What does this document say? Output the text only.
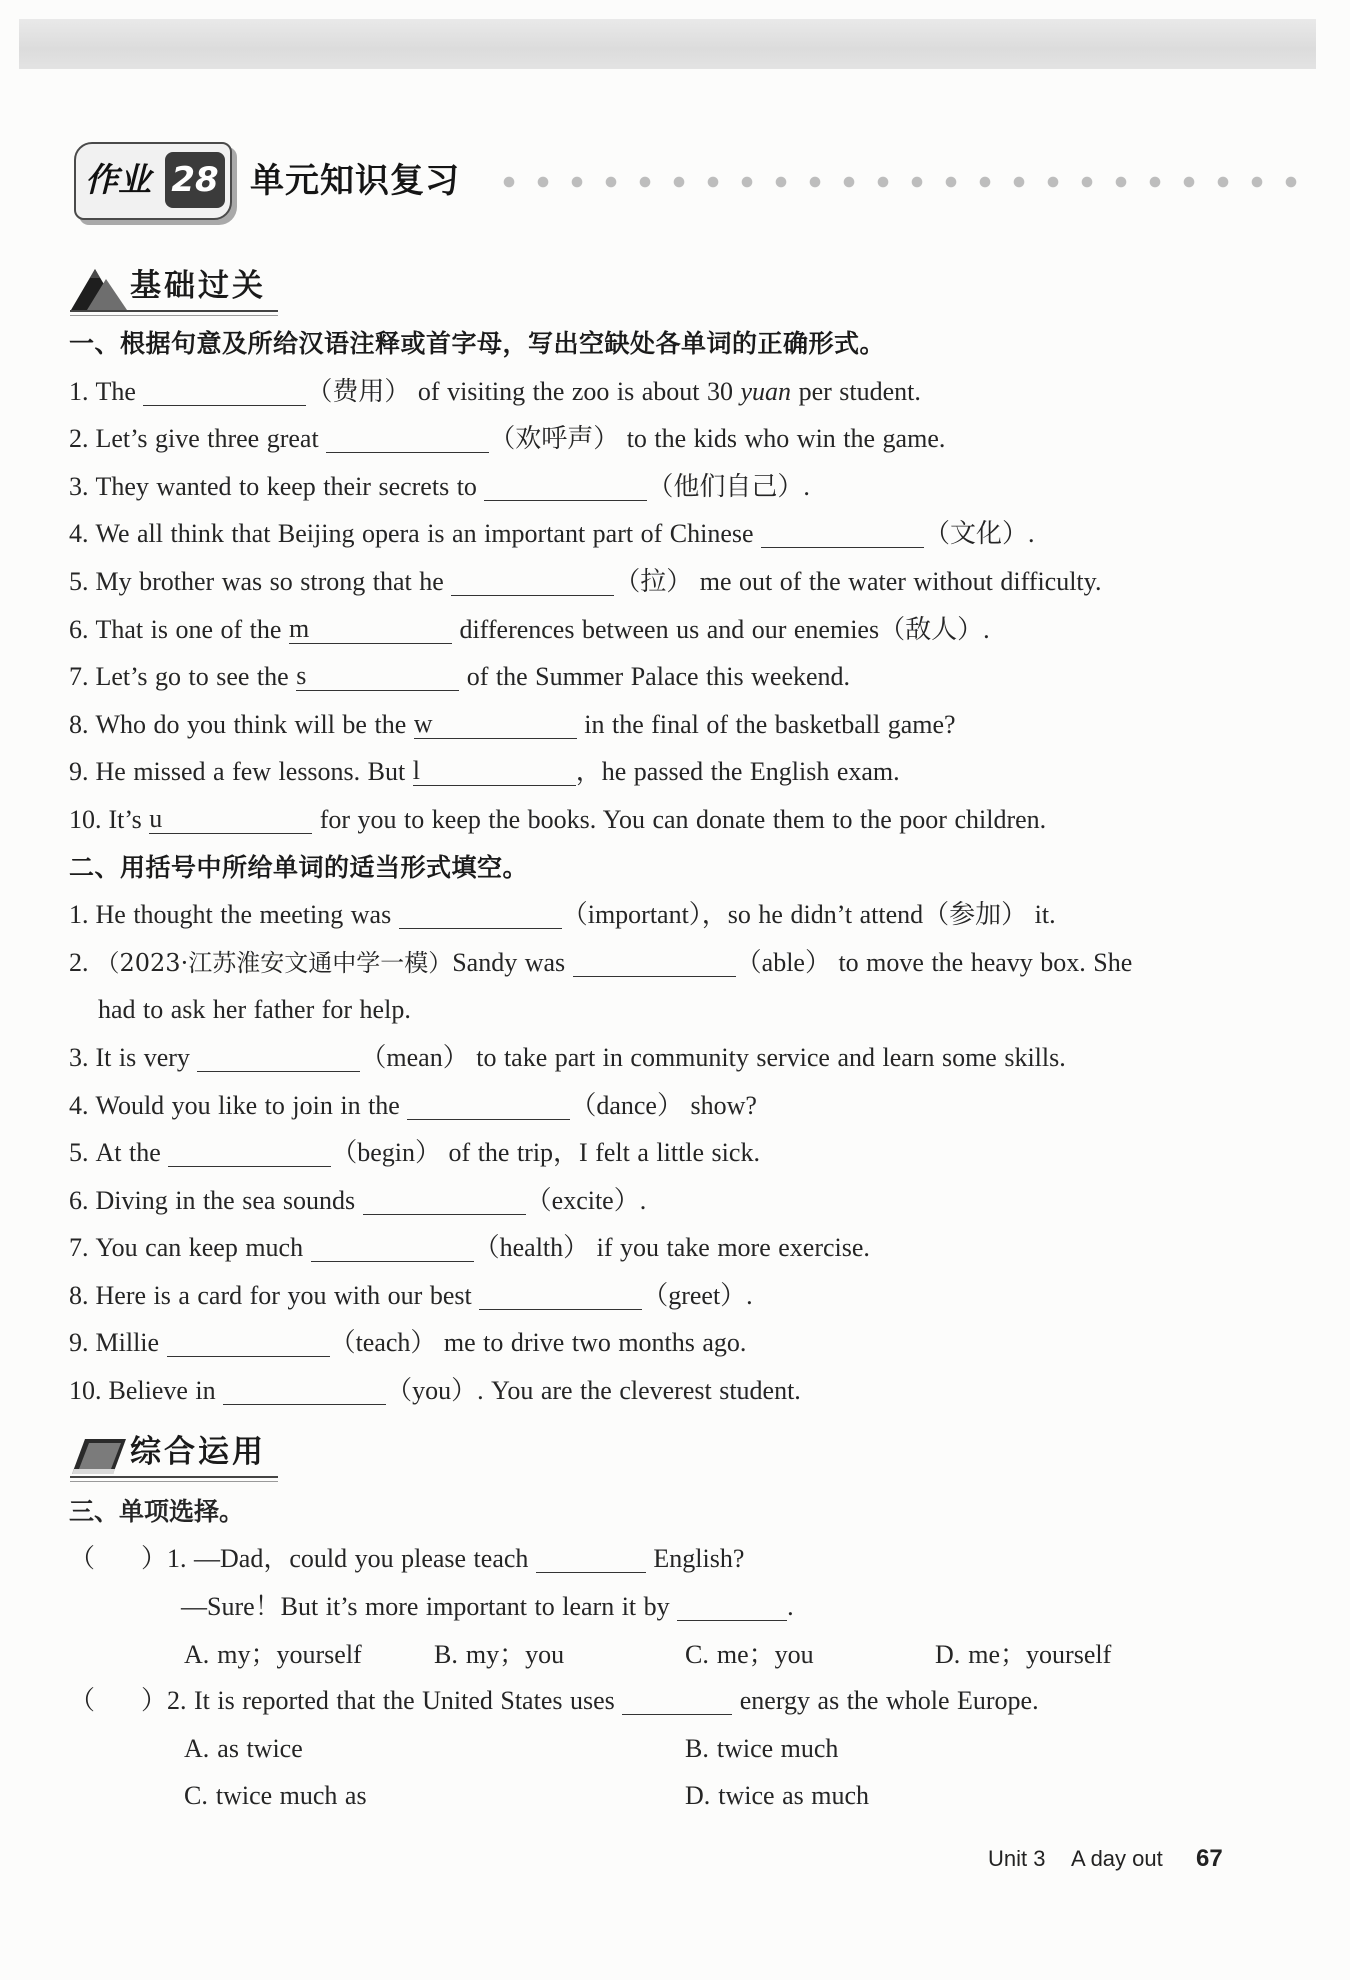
作业 28 单元知识复习
基础过关
一、根据句意及所给汉语注释或首字母，写出空缺处各单词的正确形式。
1. The	（费用） of visiting the zoo is about 30 yuan per student.
2. Let’s give three great	（欢呼声） to the kids who win the game.
3. They wanted to keep their secrets to	（他们自己）.
4. We all think that Beijing opera is an important part of Chinese	（文化）.
5. My brother was so strong that he	（拉） me out of the water without difficulty.
6. That is one of the m	differences between us and our enemies（敌人）.
7. Let’s go to see the s	of the Summer Palace this weekend.
8. Who do you think will be the w	in the final of the basketball game?
9. He missed a few lessons. But l	，he passed the English exam.
10. It’s u	for you to keep the books. You can donate them to the poor children.
二、用括号中所给单词的适当形式填空。
1. He thought the meeting was	（important），so he didn’t attend（参加） it.
2. （2023·江苏淮安文通中学一模）Sandy was	（able） to move the heavy box. She
had to ask her father for help.
3. It is very	（mean） to take part in community service and learn some skills.
4. Would you like to join in the	（dance） show?
5. At the	（begin） of the trip，I felt a little sick.
6. Diving in the sea sounds	（excite）.
7. You can keep much	（health） if you take more exercise.
8. Here is a card for you with our best	（greet）.
9. Millie	（teach） me to drive two months ago.
10. Believe in	（you）. You are the cleverest student.
综合运用
三、单项选择。
（ ）1. —Dad，could you please teach	English?
—Sure！But it’s more important to learn it by	.
A. my；yourself	B. my；you	C. me；you	D. me；yourself
（ ）2. It is reported that the United States uses	energy as the whole Europe.
A. as twice	B. twice much
C. twice much as	D. twice as much
Unit 3 A day out 67
